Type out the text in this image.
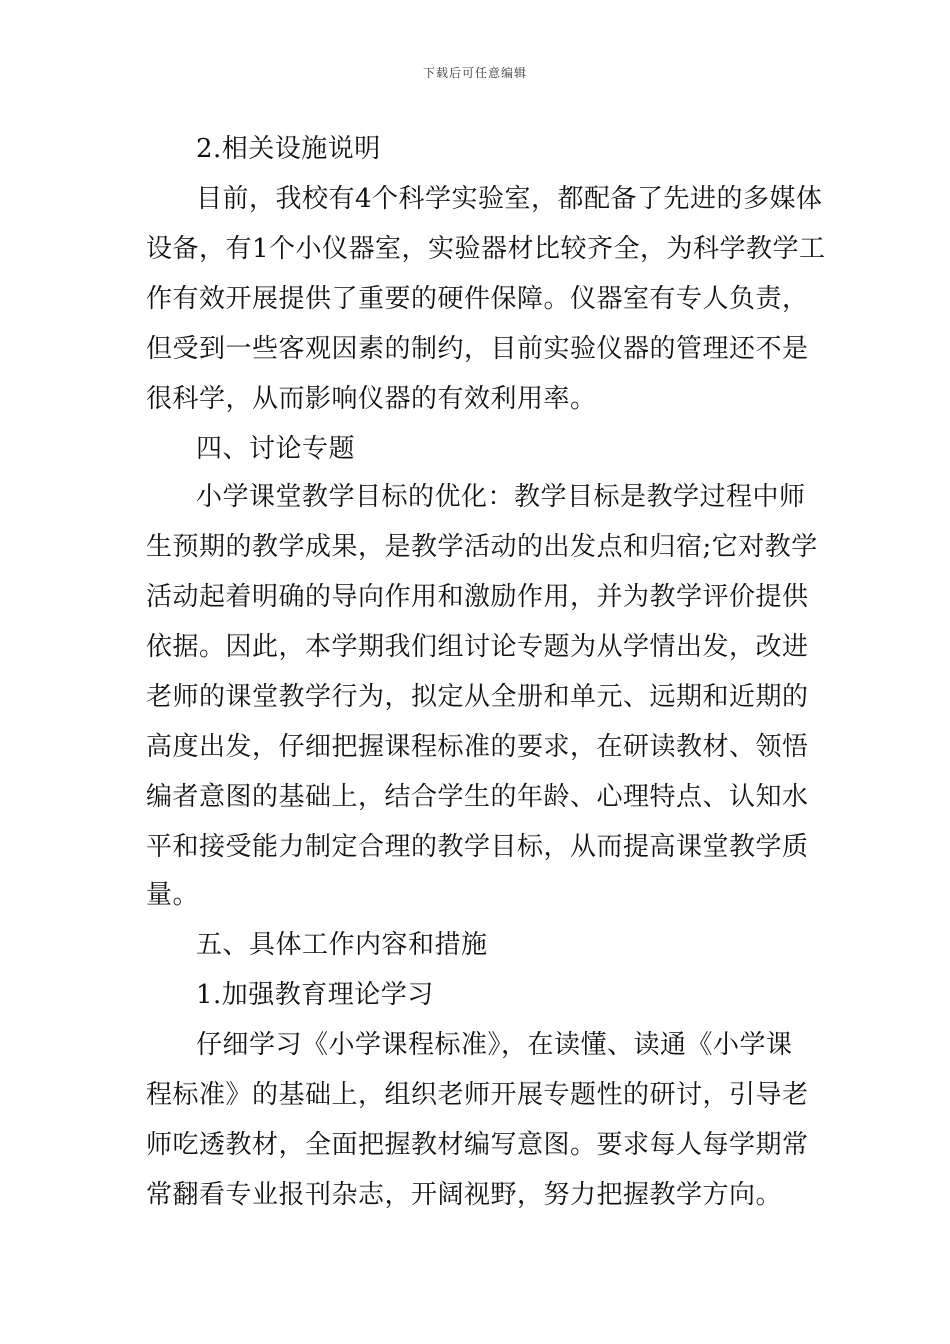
下载后可任意编辑
2.相关设施说明
目前，我校有4个科学实验室，都配备了先进的多媒体
设备，有1个小仪器室，实验器材比较齐全，为科学教学工
作有效开展提供了重要的硬件保障。仪器室有专人负责，
但受到一些客观因素的制约，目前实验仪器的管理还不是
很科学，从而影响仪器的有效利用率。
四、讨论专题
小学课堂教学目标的优化：教学目标是教学过程中师
生预期的教学成果，是教学活动的出发点和归宿;它对教学
活动起着明确的导向作用和激励作用，并为教学评价提供
依据。因此，本学期我们组讨论专题为从学情出发，改进
老师的课堂教学行为，拟定从全册和单元、远期和近期的
高度出发，仔细把握课程标准的要求，在研读教材、领悟
编者意图的基础上，结合学生的年龄、心理特点、认知水
平和接受能力制定合理的教学目标，从而提高课堂教学质
量。
五、具体工作内容和措施
1.加强教育理论学习
仔细学习《小学课程标准》，在读懂、读通《小学课
程标准》的基础上，组织老师开展专题性的研讨，引导老
师吃透教材，全面把握教材编写意图。要求每人每学期常
常翻看专业报刊杂志，开阔视野，努力把握教学方向。
